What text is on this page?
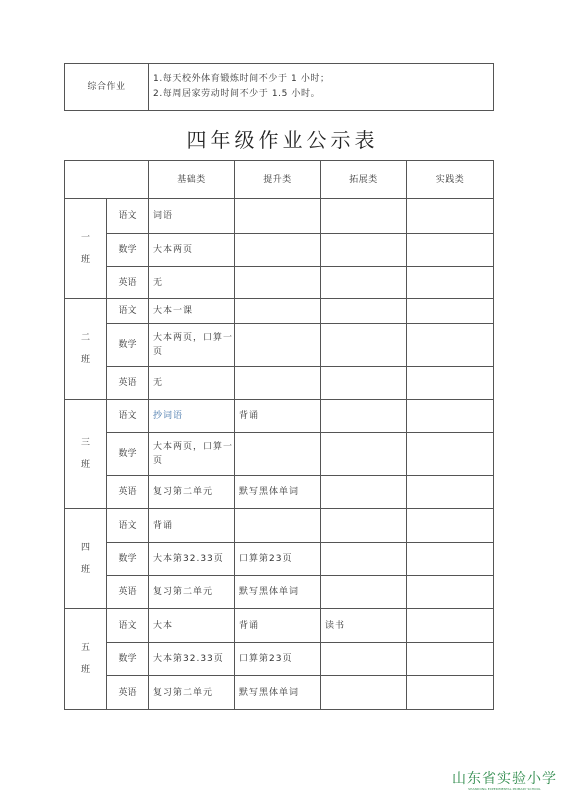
综合作业	
1.每天校外体育锻炼时间不少于 1 小时；
2.每周居家劳动时间不少于 1.5 小时。
四年级作业公示表
		基础类	提升类	拓展类	实践类

一
班	语文	词语			
	数学	大本两页			
	英语	无			

二
班	语文	大本一课			
	数学	大本两页，口算一页			
	英语	无			

三
班	语文	抄词语	背诵		
	数学	大本两页，口算一页			
	英语	复习第二单元	默写黑体单词		

四
班	语文	背诵			
	数学	大本第32.33页	口算第23页		
	英语	复习第二单元	默写黑体单词		

五
班	语文	大本	背诵	读书	
	数学	大本第32.33页	口算第23页		
	英语	复习第二单元	默写黑体单词		
山东省实验小学
SHANDONG EXPERIMENTAL PRIMARY SCHOOL
